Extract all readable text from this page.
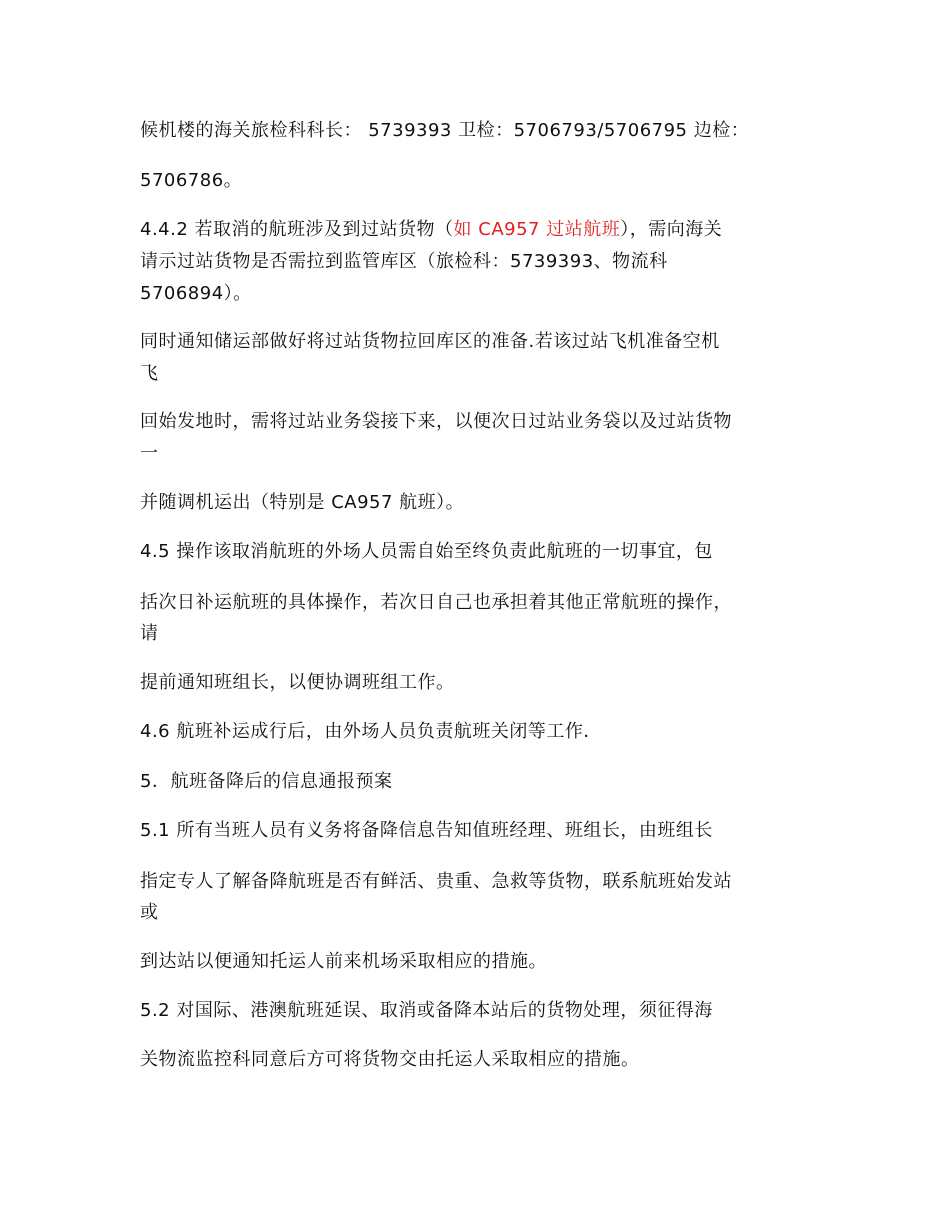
候机楼的海关旅检科科长： 5739393 卫检：5706793/5706795 边检：
5706786。
4.4.2 若取消的航班涉及到过站货物（如 CA957 过站航班），需向海关
请示过站货物是否需拉到监管库区（旅检科：5739393、物流科
5706894）。
同时通知储运部做好将过站货物拉回库区的准备.若该过站飞机准备空机
飞
回始发地时，需将过站业务袋接下来，以便次日过站业务袋以及过站货物
一
并随调机运出（特别是 CA957 航班）。
4.5 操作该取消航班的外场人员需自始至终负责此航班的一切事宜，包
括次日补运航班的具体操作，若次日自己也承担着其他正常航班的操作，
请
提前通知班组长，以便协调班组工作。
4.6 航班补运成行后，由外场人员负责航班关闭等工作．
5．航班备降后的信息通报预案
5.1 所有当班人员有义务将备降信息告知值班经理、班组长，由班组长
指定专人了解备降航班是否有鲜活、贵重、急救等货物，联系航班始发站
或
到达站以便通知托运人前来机场采取相应的措施。
5.2 对国际、港澳航班延误、取消或备降本站后的货物处理，须征得海
关物流监控科同意后方可将货物交由托运人采取相应的措施。
